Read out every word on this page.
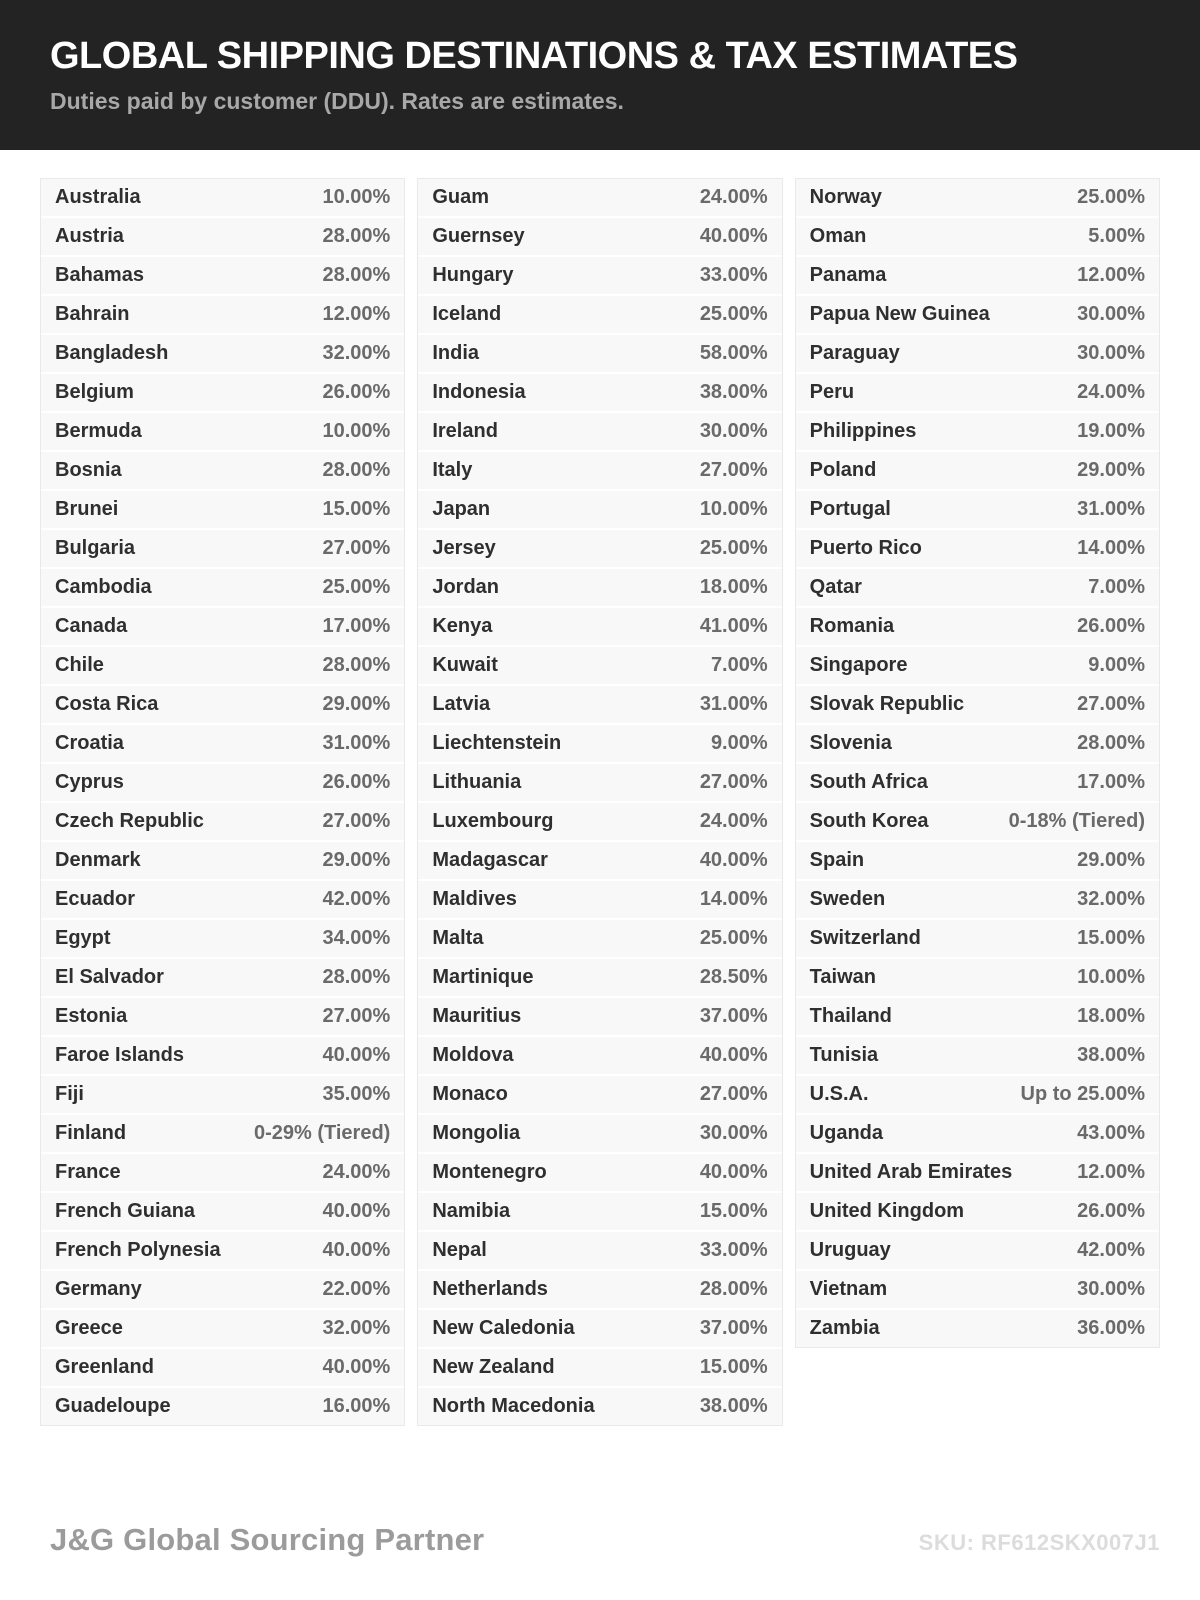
GLOBAL SHIPPING DESTINATIONS & TAX ESTIMATES
Duties paid by customer (DDU). Rates are estimates.
Australia	10.00%
Austria	28.00%
Bahamas	28.00%
Bahrain	12.00%
Bangladesh	32.00%
Belgium	26.00%
Bermuda	10.00%
Bosnia	28.00%
Brunei	15.00%
Bulgaria	27.00%
Cambodia	25.00%
Canada	17.00%
Chile	28.00%
Costa Rica	29.00%
Croatia	31.00%
Cyprus	26.00%
Czech Republic	27.00%
Denmark	29.00%
Ecuador	42.00%
Egypt	34.00%
El Salvador	28.00%
Estonia	27.00%
Faroe Islands	40.00%
Fiji	35.00%
Finland	0-29% (Tiered)
France	24.00%
French Guiana	40.00%
French Polynesia	40.00%
Germany	22.00%
Greece	32.00%
Greenland	40.00%
Guadeloupe	16.00%
Guam	24.00%
Guernsey	40.00%
Hungary	33.00%
Iceland	25.00%
India	58.00%
Indonesia	38.00%
Ireland	30.00%
Italy	27.00%
Japan	10.00%
Jersey	25.00%
Jordan	18.00%
Kenya	41.00%
Kuwait	7.00%
Latvia	31.00%
Liechtenstein	9.00%
Lithuania	27.00%
Luxembourg	24.00%
Madagascar	40.00%
Maldives	14.00%
Malta	25.00%
Martinique	28.50%
Mauritius	37.00%
Moldova	40.00%
Monaco	27.00%
Mongolia	30.00%
Montenegro	40.00%
Namibia	15.00%
Nepal	33.00%
Netherlands	28.00%
New Caledonia	37.00%
New Zealand	15.00%
North Macedonia	38.00%
Norway	25.00%
Oman	5.00%
Panama	12.00%
Papua New Guinea	30.00%
Paraguay	30.00%
Peru	24.00%
Philippines	19.00%
Poland	29.00%
Portugal	31.00%
Puerto Rico	14.00%
Qatar	7.00%
Romania	26.00%
Singapore	9.00%
Slovak Republic	27.00%
Slovenia	28.00%
South Africa	17.00%
South Korea	0-18% (Tiered)
Spain	29.00%
Sweden	32.00%
Switzerland	15.00%
Taiwan	10.00%
Thailand	18.00%
Tunisia	38.00%
U.S.A.	Up to 25.00%
Uganda	43.00%
United Arab Emirates	12.00%
United Kingdom	26.00%
Uruguay	42.00%
Vietnam	30.00%
Zambia	36.00%
J&G Global Sourcing Partner	SKU: RF612SKX007J1
